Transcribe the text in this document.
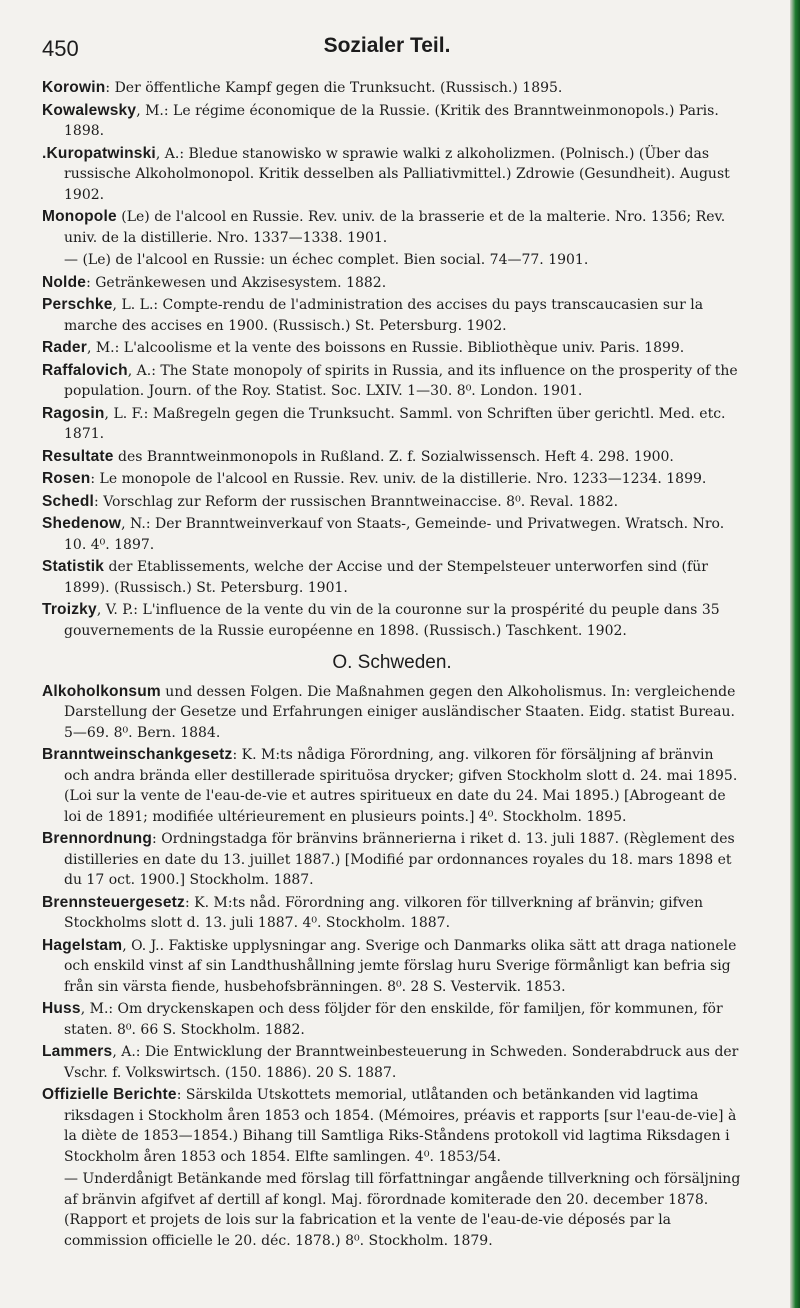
450	Sozialer Teil.

Korowin: Der öffentliche Kampf gegen die Trunksucht. (Russisch.) 1895.

Kowalewsky, M.: Le régime économique de la Russie. (Kritik des Branntweinmonopols.) Paris. 1898.

.Kuropatwinski, A.: Bledue stanowisko w sprawie walki z alkoholizmen. (Polnisch.) (Über das russische Alkoholmonopol. Kritik desselben als Palliativmittel.) Zdrowie (Gesundheit). August 1902.

Monopole (Le) de l'alcool en Russie. Rev. univ. de la brasserie et de la malterie. Nro. 1356; Rev. univ. de la distillerie. Nro. 1337—1338. 1901.

— (Le) de l'alcool en Russie: un échec complet. Bien social. 74—77. 1901.

Nolde: Getränkewesen und Akzisesystem. 1882.

Perschke, L. L.: Compte-rendu de l'administration des accises du pays transcaucasien sur la marche des accises en 1900. (Russisch.) St. Petersburg. 1902.

Rader, M.: L'alcoolisme et la vente des boissons en Russie. Bibliothèque univ. Paris. 1899.

Raffalovich, A.: The State monopoly of spirits in Russia, and its influence on the prosperity of the population. Journ. of the Roy. Statist. Soc. LXIV. 1—30. 8⁰. London. 1901.

Ragosin, L. F.: Maßregeln gegen die Trunksucht. Samml. von Schriften über gerichtl. Med. etc. 1871.

Resultate des Branntweinmonopols in Rußland. Z. f. Sozialwissensch. Heft 4. 298. 1900.

Rosen: Le monopole de l'alcool en Russie. Rev. univ. de la distillerie. Nro. 1233—1234. 1899.

Schedl: Vorschlag zur Reform der russischen Branntweinaccise. 8⁰. Reval. 1882.

Shedenow, N.: Der Branntweinverkauf von Staats-, Gemeinde- und Privatwegen. Wratsch. Nro. 10. 4⁰. 1897.

Statistik der Etablissements, welche der Accise und der Stempelsteuer unterworfen sind (für 1899). (Russisch.) St. Petersburg. 1901.

Troizky, V. P.: L'influence de la vente du vin de la couronne sur la prospérité du peuple dans 35 gouvernements de la Russie européenne en 1898. (Russisch.) Taschkent. 1902.

O. Schweden.

Alkoholkonsum und dessen Folgen. Die Maßnahmen gegen den Alkoholismus. In: vergleichende Darstellung der Gesetze und Erfahrungen einiger ausländischer Staaten. Eidg. statist Bureau. 5—69. 8⁰. Bern. 1884.

Branntweinschankgesetz: K. M:ts nådiga Förordning, ang. vilkoren för försäljning af bränvin och andra brända eller destillerade spirituösa drycker; gifven Stockholm slott d. 24. mai 1895. (Loi sur la vente de l'eau-de-vie et autres spiritueux en date du 24. Mai 1895.) [Abrogeant de loi de 1891; modifiée ultérieurement en plusieurs points.] 4⁰. Stockholm. 1895.

Brennordnung: Ordningstadga för bränvins brännerierna i riket d. 13. juli 1887. (Règlement des distilleries en date du 13. juillet 1887.) [Modifié par ordonnances royales du 18. mars 1898 et du 17 oct. 1900.] Stockholm. 1887.

Brennsteuergesetz: K. M:ts nåd. Förordning ang. vilkoren för tillverkning af bränvin; gifven Stockholms slott d. 13. juli 1887. 4⁰. Stockholm. 1887.

Hagelstam, O. J.. Faktiske upplysningar ang. Sverige och Danmarks olika sätt att draga nationele och enskild vinst af sin Landthushållning jemte förslag huru Sverige förmånligt kan befria sig från sin värsta fiende, husbehofsbränningen. 8⁰. 28 S. Vestervik. 1853.

Huss, M.: Om dryckenskapen och dess följder för den enskilde, för familjen, för kommunen, för staten. 8⁰. 66 S. Stockholm. 1882.

Lammers, A.: Die Entwicklung der Branntweinbesteuerung in Schweden. Sonderabdruck aus der Vschr. f. Volkswirtsch. (150. 1886). 20 S. 1887.

Offizielle Berichte: Särskilda Utskottets memorial, utlåtanden och betänkanden vid lagtima riksdagen i Stockholm åren 1853 och 1854. (Mémoires, préavis et rapports [sur l'eau-de-vie] à la diète de 1853—1854.) Bihang till Samtliga Riks-Ståndens protokoll vid lagtima Riksdagen i Stockholm åren 1853 och 1854. Elfte samlingen. 4⁰. 1853/54.

— Underdånigt Betänkande med förslag till författningar angående tillverkning och försäljning af bränvin afgifvet af dertill af kongl. Maj. förordnade komiterade den 20. december 1878. (Rapport et projets de lois sur la fabrication et la vente de l'eau-de-vie déposés par la commission officielle le 20. déc. 1878.) 8⁰. Stockholm. 1879.
